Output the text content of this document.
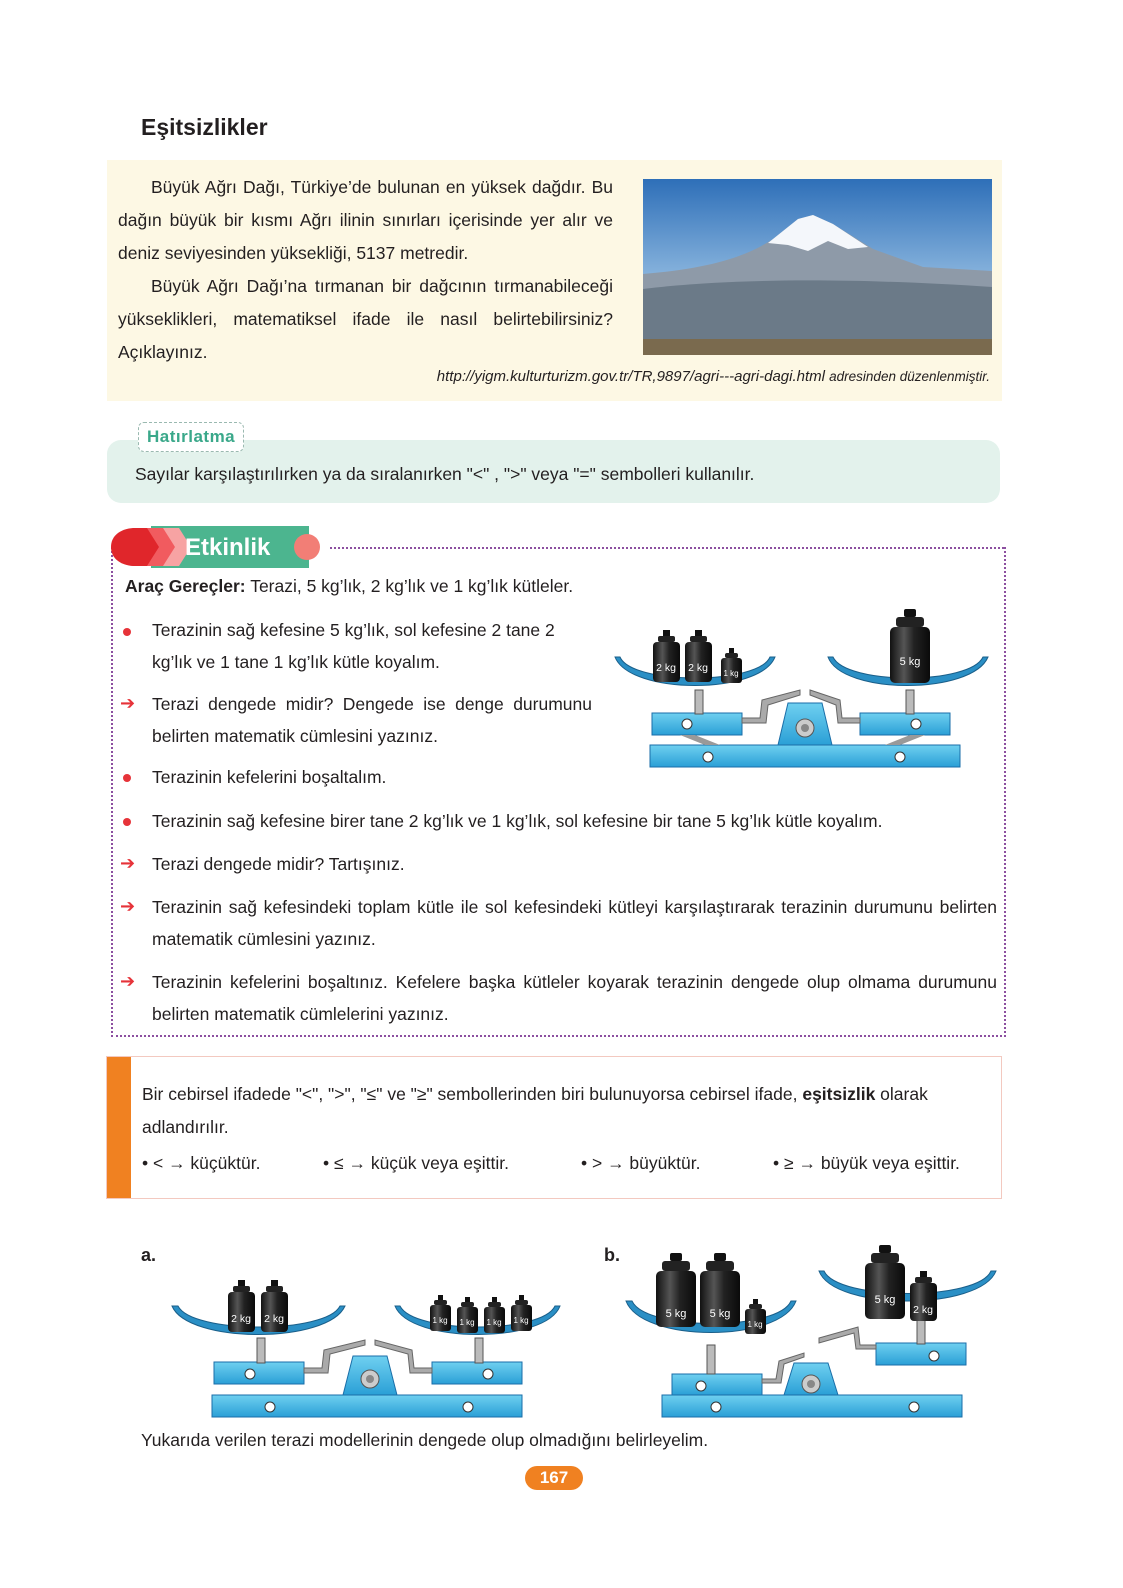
Eşitsizlikler

Büyük Ağrı Dağı, Türkiye’de bulunan en yüksek dağdır. Bu dağın büyük bir kısmı Ağrı ilinin sınırları içerisinde yer alır ve deniz seviyesinden yüksekliği, 5137 metredir.

Büyük Ağrı Dağı’na tırmanan bir dağcının tırmanabileceği yükseklikleri, matematiksel ifade ile nasıl belirtebilirsiniz? Açıklayınız.

http://yigm.kulturturizm.gov.tr/TR,9897/agri---agri-dagi.html adresinden düzenlenmiştir.
Sayılar karşılaştırılırken ya da sıralanırken "<" , ">" veya "=" sembolleri kullanılır.
Hatırlatma
Etkinlik
Araç Gereçler: Terazi, 5 kg’lık, 2 kg’lık ve 1 kg’lık kütleler.
Terazinin sağ kefesine 5 kg’lık, sol kefesine 2 tane 2 kg’lık ve 1 tane 1 kg’lık kütle koyalım.
➔ Terazi dengede midir? Dengede ise denge durumunu belirten matematik cümlesini yazınız.
Terazinin kefelerini boşaltalım.
Terazinin sağ kefesine birer tane 2 kg’lık ve 1 kg’lık, sol kefesine bir tane 5 kg’lık kütle koyalım.
➔ Terazi dengede midir? Tartışınız.
➔ Terazinin sağ kefesindeki toplam kütle ile sol kefesindeki kütleyi karşılaştırarak terazinin durumunu belirten matematik cümlesini yazınız.
➔ Terazinin kefelerini boşaltınız. Kefelere başka kütleler koyarak terazinin dengede olup olmama durumunu belirten matematik cümlelerini yazınız.
2 kg 2 kg 1 kg
5 kg
Bir cebirsel ifadede "<", ">", "≤" ve "≥" sembollerinden biri bulunuyorsa cebirsel ifade, eşitsizlik olarak adlandırılır.
• < → küçüktür.	• ≤ → küçük veya eşittir.	• > → büyüktür.	• ≥ → büyük veya eşittir.
a.	b.
2 kg 2 kg	1 kg 1 kg 1 kg 1 kg
5 kg 5 kg
1 kg
5 kg
2 kg
Yukarıda verilen terazi modellerinin dengede olup olmadığını belirleyelim.
167
